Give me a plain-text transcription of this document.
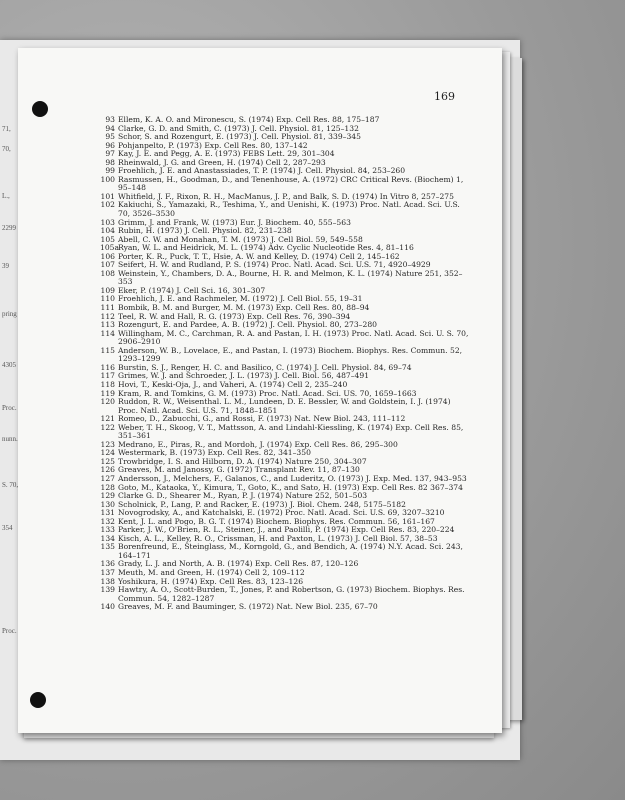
71,
70,
L.,
2299
39
pring
4305
Proc.
nunn.
S. 70,
354
Proc.
169
93 Ellem, K. A. O. and Mironescu, S. (1974) Exp. Cell Res. 88, 175–187
94 Clarke, G. D. and Smith, C. (1973) J. Cell. Physiol. 81, 125–132
95 Schor, S. and Rozengurt, E. (1973) J. Cell. Physiol. 81, 339–345
96 Pohjanpelto, P. (1973) Exp. Cell Res. 80, 137–142
97 Kay, J. E. and Pegg, A. E. (1973) FEBS Lett. 29, 301–304
98 Rheinwald, J. G. and Green, H. (1974) Cell 2, 287–293
99 Froehlich, J. E. and Anastassiades, T. P. (1974) J. Cell. Physiol. 84, 253–260
100 Rasmussen, H., Goodman, D., and Tenenhouse, A. (1972) CRC Critical Revs. (Biochem) 1, 95–148
101 Whitfield, J. F., Rixon, R. H., MacManus, J. P., and Balk, S. D. (1974) In Vitro 8, 257–275
102 Kakiuchi, S., Yamazaki, R., Teshima, Y., and Uenishi, K. (1973) Proc. Natl. Acad. Sci. U.S. 70, 3526–3530
103 Grimm, J. and Frank, W. (1973) Eur. J. Biochem. 40, 555–563
104 Rubin, H. (1973) J. Cell. Physiol. 82, 231–238
105 Abell, C. W. and Monahan, T. M. (1973) J. Cell Biol. 59, 549–558
105a
Ryan, W. L. and Heidrick, M. L. (1974) Adv. Cyclic Nucleotide Res. 4, 81–116
106 Porter, K. R., Puck, T. T., Hsie, A. W. and Kelley, D. (1974) Cell 2, 145–162
107 Seifert, H. W. and Rudland, P. S. (1974) Proc. Natl. Acad. Sci. U.S. 71, 4920–4929
108 Weinstein, Y., Chambers, D. A., Bourne, H. R. and Melmon, K. L. (1974) Nature 251, 352–353
109 Eker, P. (1974) J. Cell Sci. 16, 301–307
110 Froehlich, J. E. and Rachmeler, M. (1972) J. Cell Biol. 55, 19–31
111 Bombik, B. M. and Burger, M. M. (1973) Exp. Cell Res. 80, 88–94
112 Teel, R. W. and Hall, R. G. (1973) Exp. Cell Res. 76, 390–394
113 Rozengurt, E. and Pardee, A. B. (1972) J. Cell. Physiol. 80, 273–280
114 Willingham, M. C., Carchman, R. A. and Pastan, I. H. (1973) Proc. Natl. Acad. Sci. U. S. 70, 2906–2910
115 Anderson, W. B., Lovelace, E., and Pastan, I. (1973) Biochem. Biophys. Res. Commun. 52, 1293–1299
116 Burstin, S. J., Renger, H. C. and Basilico, C. (1974) J. Cell. Physiol. 84, 69–74
117 Grimes, W. J. and Schroeder, J. L. (1973) J. Cell. Biol. 56, 487–491
118 Hovi, T., Keski-Oja, J., and Vaheri, A. (1974) Cell 2, 235–240
119 Kram, R. and Tomkins, G. M. (1973) Proc. Natl. Acad. Sci. US. 70, 1659–1663
120 Ruddon, R. W., Weisenthal. L. M., Lundeen, D. E. Bessler, W. and Goldstein, I. J. (1974) Proc. Natl. Acad. Sci. U.S. 71, 1848–1851
121 Romeo, D., Zabucchi, G., and Rossi, F. (1973) Nat. New Biol. 243, 111–112
122 Weber, T. H., Skoog, V. T., Mattsson, A. and Lindahl-Kiessling, K. (1974) Exp. Cell Res. 85, 351–361
123 Medrano, E., Piras, R., and Mordoh, J. (1974) Exp. Cell Res. 86, 295–300
124 Westermark, B. (1973) Exp. Cell Res. 82, 341–350
125 Trowbridge, I. S. and Hilborn, D. A. (1974) Nature 250, 304–307
126 Greaves, M. and Janossy, G. (1972) Transplant Rev. 11, 87–130
127 Andersson, J., Melchers, F., Galanos, C., and Luderitz, O. (1973) J. Exp. Med. 137, 943–953
128 Goto, M., Kataoka, Y., Kimura, T., Goto, K., and Sato, H. (1973) Exp. Cell Res. 82 367–374
129 Clarke G. D., Shearer M., Ryan, P. J. (1974) Nature 252, 501–503
130 Scholnick, P., Lang, P. and Racker, E. (1973) J. Biol. Chem. 248, 5175–5182
131 Novogrodsky, A., and Katchalski, E. (1972) Proc. Natl. Acad. Sci. U.S. 69, 3207–3210
132 Kent, J. L. and Pogo, B. G. T. (1974) Biochem. Biophys. Res. Commun. 56, 161–167
133 Parker, J. W., O'Brien, R. L., Steiner, J., and Paolilli, P. (1974) Exp. Cell Res. 83, 220–224
134 Kisch, A. L., Kelley, R. O., Crissman, H. and Paxton, L. (1973) J. Cell Biol. 57, 38–53
135 Borenfreund, E., Steinglass, M., Korngold, G., and Bendich, A. (1974) N.Y. Acad. Sci. 243, 164–171
136 Grady, L. J. and North, A. B. (1974) Exp. Cell Res. 87, 120–126
137 Meuth, M. and Green, H. (1974) Cell 2, 109–112
138 Yoshikura, H. (1974) Exp. Cell Res. 83, 123–126
139 Hawtry, A. O., Scott-Burden, T., Jones, P. and Robertson, G. (1973) Biochem. Biophys. Res. Commun. 54, 1282–1287
140 Greaves, M. F. and Bauminger, S. (1972) Nat. New Biol. 235, 67–70
